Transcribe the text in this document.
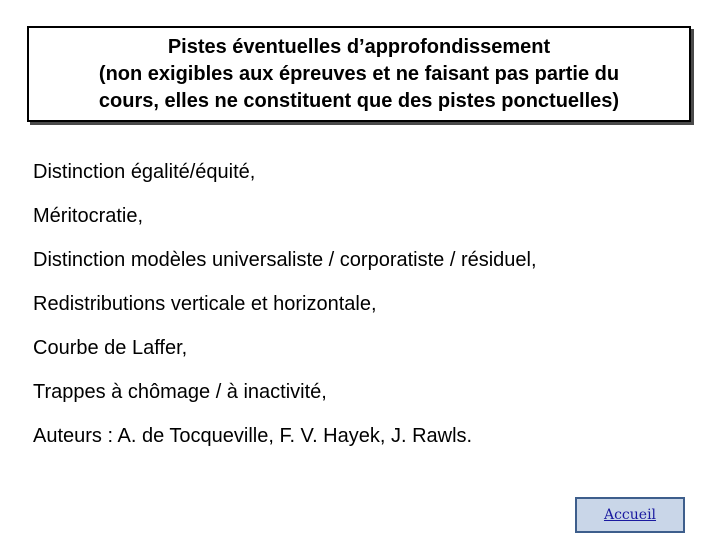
Pistes éventuelles d’approfondissement
(non exigibles aux épreuves et ne faisant pas partie du
cours, elles ne constituent que des pistes ponctuelles)
Distinction égalité/équité,
Méritocratie,
Distinction modèles universaliste / corporatiste / résiduel,
Redistributions verticale et horizontale,
Courbe de Laffer,
Trappes à chômage / à inactivité,
Auteurs : A. de Tocqueville, F. V. Hayek, J. Rawls.
Accueil
